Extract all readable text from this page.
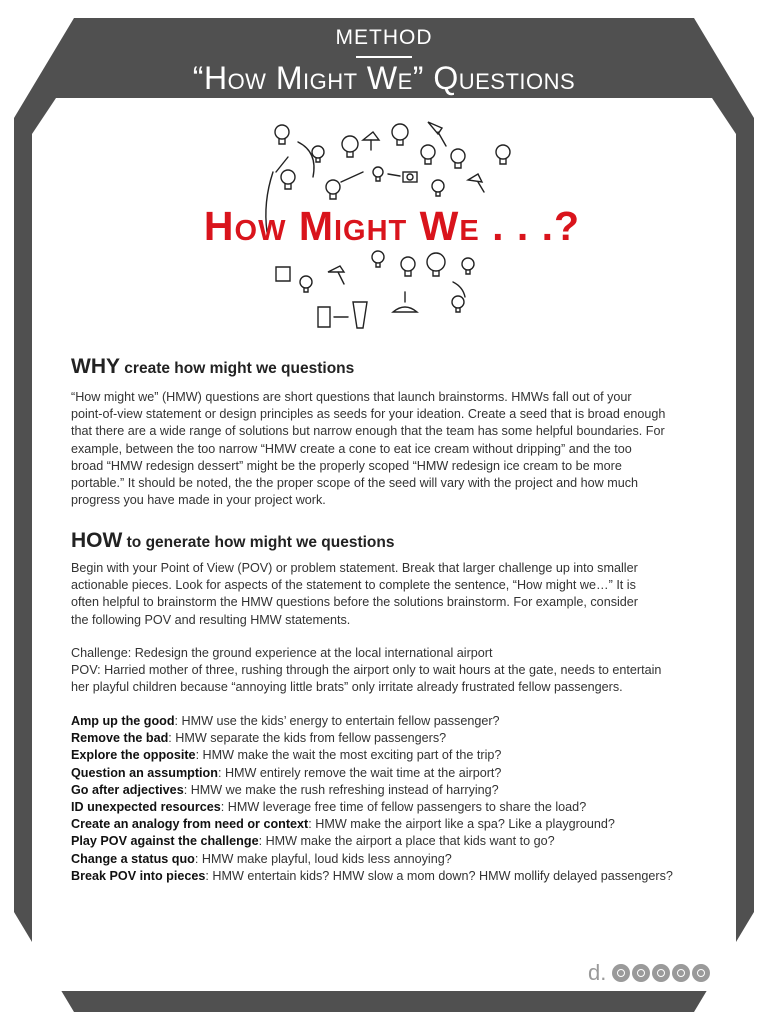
METHOD
“How Might We” Questions
How Might We . . .?
WHY create how might we questions
“How might we” (HMW) questions are short questions that launch brainstorms. HMWs fall out of your
point-of-view statement or design principles as seeds for your ideation. Create a seed that is broad enough
that there are a wide range of solutions but narrow enough that the team has some helpful boundaries. For
example, between the too narrow “HMW create a cone to eat ice cream without dripping” and the too
broad “HMW redesign dessert” might be the properly scoped “HMW redesign ice cream to be more
portable.” It should be noted, the the proper scope of the seed will vary with the project and how much
progress you have made in your project work.
HOW to generate how might we questions
Begin with your Point of View (POV) or problem statement. Break that larger challenge up into smaller
actionable pieces. Look for aspects of the statement to complete the sentence, “How might we…” It is
often helpful to brainstorm the HMW questions before the solutions brainstorm. For example, consider
the following POV and resulting HMW statements.
Challenge: Redesign the ground experience at the local international airport
POV: Harried mother of three, rushing through the airport only to wait hours at the gate, needs to entertain
her playful children because “annoying little brats” only irritate already frustrated fellow passengers.
Amp up the good: HMW use the kids’ energy to entertain fellow passenger?
Remove the bad: HMW separate the kids from fellow passengers?
Explore the opposite: HMW make the wait the most exciting part of the trip?
Question an assumption: HMW entirely remove the wait time at the airport?
Go after adjectives: HMW we make the rush refreshing instead of harrying?
ID unexpected resources: HMW leverage free time of fellow passengers to share the load?
Create an analogy from need or context: HMW make the airport like a spa? Like a playground?
Play POV against the challenge: HMW make the airport a place that kids want to go?
Change a status quo: HMW make playful, loud kids less annoying?
Break POV into pieces: HMW entertain kids? HMW slow a mom down? HMW mollify delayed passengers?
d.
